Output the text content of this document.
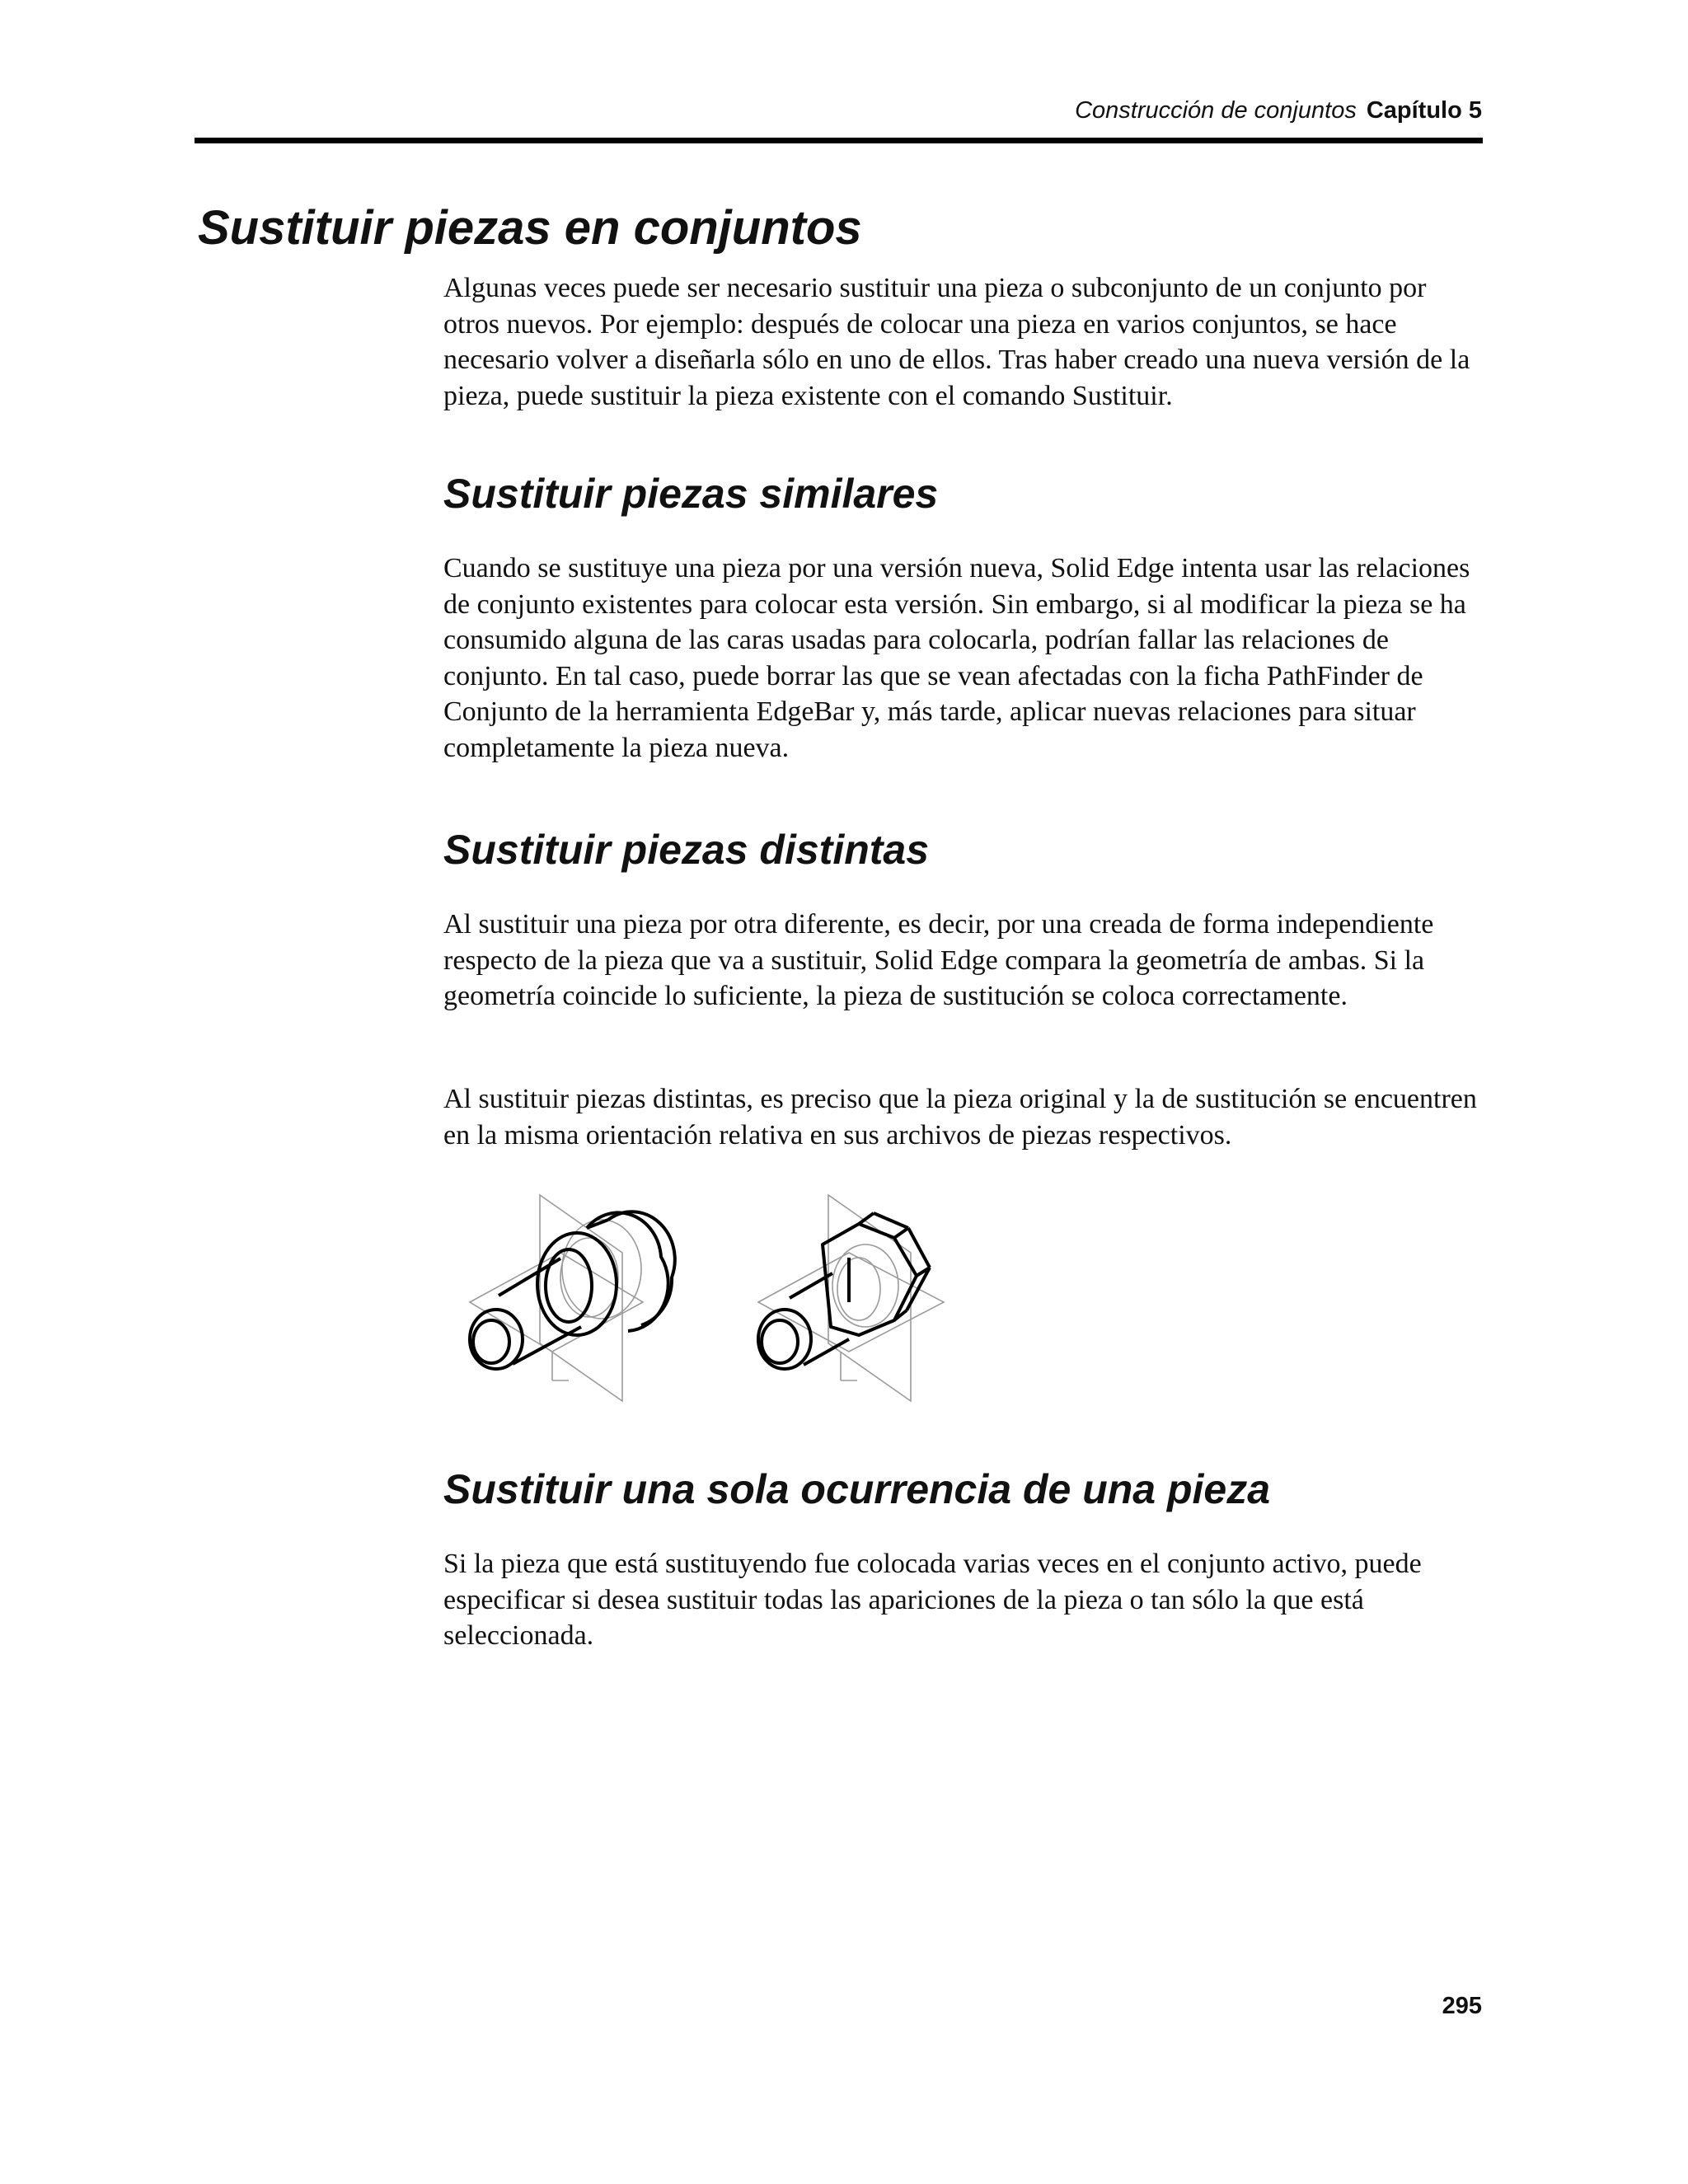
Construcción de conjuntos Capítulo 5
Sustituir piezas en conjuntos

Algunas veces puede ser necesario sustituir una pieza o subconjunto de un conjunto por otros nuevos. Por ejemplo: después de colocar una pieza en varios conjuntos, se hace necesario volver a diseñarla sólo en uno de ellos. Tras haber creado una nueva versión de la pieza, puede sustituir la pieza existente con el comando Sustituir.

Sustituir piezas similares

Cuando se sustituye una pieza por una versión nueva, Solid Edge intenta usar las relaciones de conjunto existentes para colocar esta versión. Sin embargo, si al modificar la pieza se ha consumido alguna de las caras usadas para colocarla, podrían fallar las relaciones de conjunto. En tal caso, puede borrar las que se vean afectadas con la ficha PathFinder de Conjunto de la herramienta EdgeBar y, más tarde, aplicar nuevas relaciones para situar completamente la pieza nueva.

Sustituir piezas distintas

Al sustituir una pieza por otra diferente, es decir, por una creada de forma independiente respecto de la pieza que va a sustituir, Solid Edge compara la geometría de ambas. Si la geometría coincide lo suficiente, la pieza de sustitución se coloca correctamente.

Al sustituir piezas distintas, es preciso que la pieza original y la de sustitución se encuentren en la misma orientación relativa en sus archivos de piezas respectivos.

Sustituir una sola ocurrencia de una pieza

Si la pieza que está sustituyendo fue colocada varias veces en el conjunto activo, puede especificar si desea sustituir todas las apariciones de la pieza o tan sólo la que está seleccionada.

295
